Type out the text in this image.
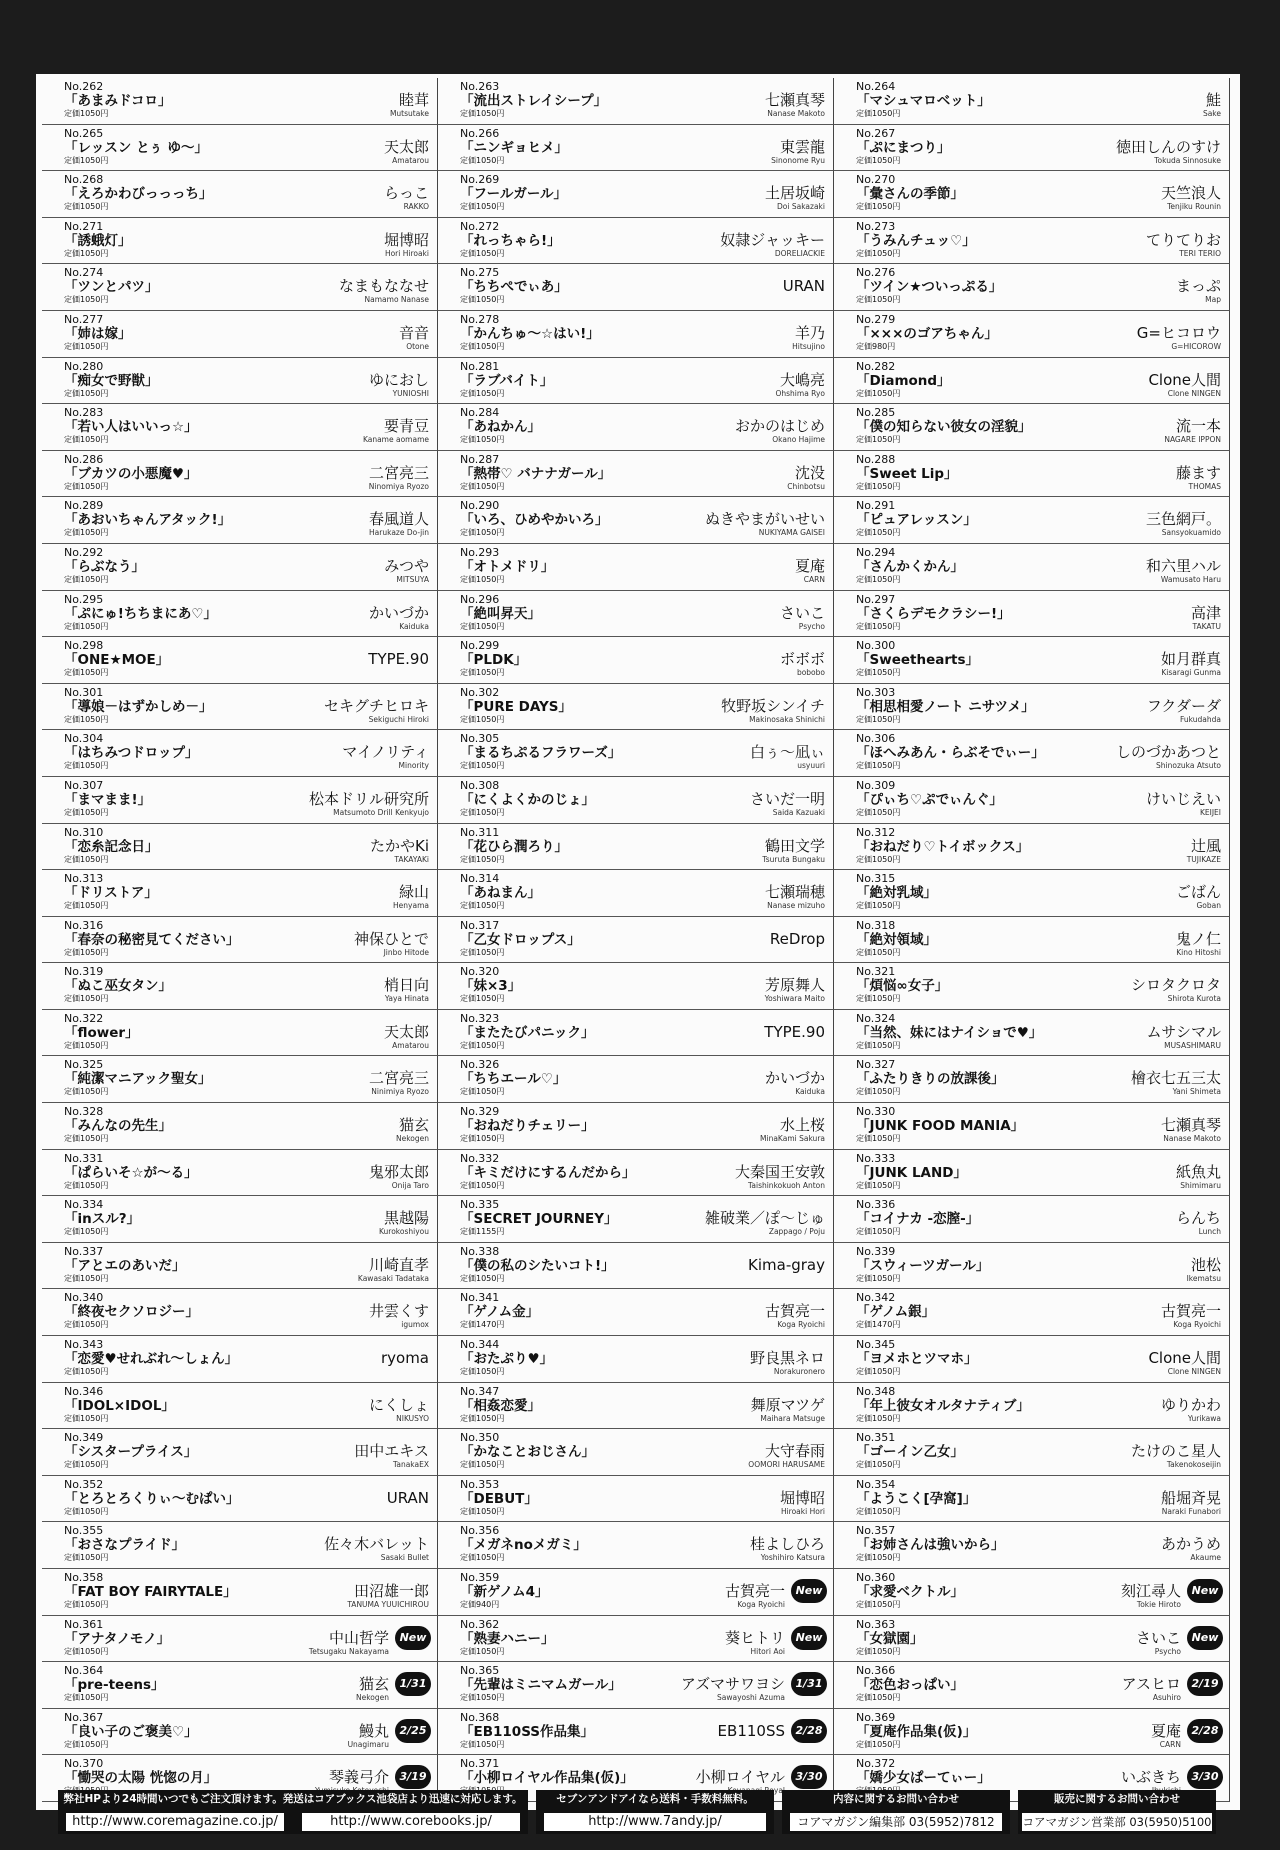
No.262
「あまみドコロ」
定価1050円
睦茸
Mutsutake
No.263
「流出ストレイシープ」
定価1050円
七瀬真琴
Nanase Makoto
No.264
「マシュマロベット」
定価1050円
鮭
Sake
No.265
「レッスン とぅ ゆ～」
定価1050円
天太郎
Amatarou
No.266
「ニンギョヒメ」
定価1050円
東雲龍
Sinonome Ryu
No.267
「ぷにまつり」
定価1050円
徳田しんのすけ
Tokuda Sinnosuke
No.268
「えろかわびっっっち」
定価1050円
らっこ
RAKKO
No.269
「フールガール」
定価1050円
土居坂崎
Doi Sakazaki
No.270
「彙さんの季節」
定価1050円
天竺浪人
Tenjiku Rounin
No.271
「誘蛾灯」
定価1050円
堀博昭
Hori Hiroaki
No.272
「れっちゃら!」
定価1050円
奴隷ジャッキー
DORELIACKIE
No.273
「うみんチュッ♡」
定価1050円
てりてりお
TERI TERIO
No.274
「ツンとパツ」
定価1050円
なまもななせ
Namamo Nanase
No.275
「ちちぺでぃあ」
定価1050円
URAN
No.276
「ツイン★ついっぷる」
定価1050円
まっぷ
Map
No.277
「姉は嫁」
定価1050円
音音
Otone
No.278
「かんちゅ～☆はい!」
定価1050円
羊乃
Hitsujino
No.279
「×××のゴアちゃん」
定価980円
G=ヒコロウ
G=HICOROW
No.280
「痴女で野獣」
定価1050円
ゆにおし
YUNIOSHI
No.281
「ラブバイト」
定価1050円
大嶋亮
Ohshima Ryo
No.282
「Diamond」
定価1050円
Clone人間
Clone NINGEN
No.283
「若い人はいいっ☆」
定価1050円
要青豆
Kaname aomame
No.284
「あねかん」
定価1050円
おかのはじめ
Okano Hajime
No.285
「僕の知らない彼女の淫貌」
定価1050円
流一本
NAGARE IPPON
No.286
「ブカツの小悪魔♥」
定価1050円
二宮亮三
Ninomiya Ryozo
No.287
「熱帯♡ バナナガール」
定価1050円
沈没
Chinbotsu
No.288
「Sweet Lip」
定価1050円
藤ます
THOMAS
No.289
「あおいちゃんアタック!」
定価1050円
春風道人
Harukaze Do-jin
No.290
「いろ、ひめやかいろ」
定価1050円
ぬきやまがいせい
NUKIYAMA GAISEI
No.291
「ピュアレッスン」
定価1050円
三色網戸。
Sansyokuamido
No.292
「らぶなう」
定価1050円
みつや
MITSUYA
No.293
「オトメドリ」
定価1050円
夏庵
CARN
No.294
「さんかくかん」
定価1050円
和六里ハル
Wamusato Haru
No.295
「ぷにゅ!ちちまにあ♡」
定価1050円
かいづか
Kaiduka
No.296
「絶叫昇天」
定価1050円
さいこ
Psycho
No.297
「さくらデモクラシー!」
定価1050円
高津
TAKATU
No.298
「ONE★MOE」
定価1050円
TYPE.90
No.299
「PLDK」
定価1050円
ボボボ
bobobo
No.300
「Sweethearts」
定価1050円
如月群真
Kisaragi Gunma
No.301
「導娘－はずかしめ－」
定価1050円
セキグチヒロキ
Sekiguchi Hiroki
No.302
「PURE DAYS」
定価1050円
牧野坂シンイチ
Makinosaka Shinichi
No.303
「相思相愛ノート ニサツメ」
定価1050円
フクダーダ
Fukudahda
No.304
「はちみつドロップ」
定価1050円
マイノリティ
Minority
No.305
「まるちぷるフラワーズ」
定価1050円
白ぅ～凪ぃ
usyuuri
No.306
「ほへみあん・らぶそでぃー」
定価1050円
しのづかあつと
Shinozuka Atsuto
No.307
「まマまま!」
定価1050円
松本ドリル研究所
Matsumoto Drill Kenkyujo
No.308
「にくよくかのじょ」
定価1050円
さいだ一明
Saida Kazuaki
No.309
「ぴぃち♡ぷでぃんぐ」
定価1050円
けいじえい
KEIJEI
No.310
「恋糸記念日」
定価1050円
たかやKi
TAKAYAKi
No.311
「花ひら潤ろり」
定価1050円
鶴田文学
Tsuruta Bungaku
No.312
「おねだり♡トイボックス」
定価1050円
辻風
TUJIKAZE
No.313
「ドリストア」
定価1050円
緑山
Henyama
No.314
「あねまん」
定価1050円
七瀬瑞穂
Nanase mizuho
No.315
「絶対乳域」
定価1050円
ごばん
Goban
No.316
「春奈の秘密見てください」
定価1050円
神保ひとで
Jinbo Hitode
No.317
「乙女ドロップス」
定価1050円
ReDrop
No.318
「絶対領域」
定価1050円
鬼ノ仁
Kino Hitoshi
No.319
「ぬこ巫女タン」
定価1050円
梢日向
Yaya Hinata
No.320
「妹×3」
定価1050円
芳原舞人
Yoshiwara Maito
No.321
「煩悩∞女子」
定価1050円
シロタクロタ
Shirota Kurota
No.322
「flower」
定価1050円
天太郎
Amatarou
No.323
「またたびパニック」
定価1050円
TYPE.90
No.324
「当然、妹にはナイショで♥」
定価1050円
ムサシマル
MUSASHIMARU
No.325
「純潔マニアック聖女」
定価1050円
二宮亮三
Ninimiya Ryozo
No.326
「ちちエール♡」
定価1050円
かいづか
Kaiduka
No.327
「ふたりきりの放課後」
定価1050円
檜衣七五三太
Yani Shimeta
No.328
「みんなの先生」
定価1050円
猫玄
Nekogen
No.329
「おねだりチェリー」
定価1050円
水上桜
MinaKami Sakura
No.330
「JUNK FOOD MANIA」
定価1050円
七瀬真琴
Nanase Makoto
No.331
「ぱらいそ☆が～る」
定価1050円
鬼邪太郎
Onija Taro
No.332
「キミだけにするんだから」
定価1050円
大秦国王安敦
Taishinkokuoh Anton
No.333
「JUNK LAND」
定価1050円
紙魚丸
Shimimaru
No.334
「inスル?」
定価1050円
黒越陽
Kurokoshiyou
No.335
「SECRET JOURNEY」
定価1155円
雑破業／ぽ～じゅ
Zappago / Poju
No.336
「コイナカ -恋膣-」
定価1050円
らんち
Lunch
No.337
「アとエのあいだ」
定価1050円
川崎直孝
Kawasaki Tadataka
No.338
「僕の私のシたいコト!」
定価1050円
Kima-gray
No.339
「スウィーツガール」
定価1050円
池松
Ikematsu
No.340
「終夜セクソロジー」
定価1050円
井雲くす
igumox
No.341
「ゲノム金」
定価1470円
古賀亮一
Koga Ryoichi
No.342
「ゲノム銀」
定価1470円
古賀亮一
Koga Ryoichi
No.343
「恋愛♥せれぶれ～しょん」
定価1050円
ryoma
No.344
「おたぷり♥」
定価1050円
野良黒ネロ
Norakuronero
No.345
「ヨメホとツマホ」
定価1050円
Clone人間
Clone NINGEN
No.346
「IDOL×IDOL」
定価1050円
にくしょ
NIKUSYO
No.347
「相姦恋愛」
定価1050円
舞原マツゲ
Maihara Matsuge
No.348
「年上彼女オルタナティブ」
定価1050円
ゆりかわ
Yurikawa
No.349
「シスタープライス」
定価1050円
田中エキス
TanakaEX
No.350
「かなことおじさん」
定価1050円
大守春雨
OOMORI HARUSAME
No.351
「ゴーイン乙女」
定価1050円
たけのこ星人
Takenokoseijin
No.352
「とろとろくりぃ～むぱい」
定価1050円
URAN
No.353
「DEBUT」
定価1050円
堀博昭
Hiroaki Hori
No.354
「ようこく[孕窩]」
定価1050円
船堀斉晃
Naraki Funabori
No.355
「おさなプライド」
定価1050円
佐々木バレット
Sasaki Bullet
No.356
「メガネnoメガミ」
定価1050円
桂よしひろ
Yoshihiro Katsura
No.357
「お姉さんは強いから」
定価1050円
あかうめ
Akaume
No.358
「FAT BOY FAIRYTALE」
定価1050円
田沼雄一郎
TANUMA YUUICHIROU
No.359
「新ゲノム4」
定価940円
古賀亮一
Koga Ryoichi
New
No.360
「求愛ベクトル」
定価1050円
刻江尋人
Tokie Hiroto
New
No.361
「アナタノモノ」
定価1050円
中山哲学
Tetsugaku Nakayama
New
No.362
「熟妻ハニー」
定価1050円
葵ヒトリ
Hitori Aoi
New
No.363
「女獄園」
定価1050円
さいこ
Psycho
New
No.364
「pre-teens」
定価1050円
猫玄
Nekogen
1/31
No.365
「先輩はミニマムガール」
定価1050円
アズマサワヨシ
Sawayoshi Azuma
1/31
No.366
「恋色おっぱい」
定価1050円
アスヒロ
Asuhiro
2/19
No.367
「良い子のご褒美♡」
定価1050円
鰻丸
Unagimaru
2/25
No.368
「EB110SS作品集」
定価1050円
EB110SS 2/28
No.369
「夏庵作品集(仮)」
定価1050円
夏庵
CARN
2/28
No.370
「慟哭の太陽 恍惚の月」	琴義弓介 3/19
No.371
「小柳ロイヤル作品集(仮)」	小柳ロイヤル
Royal
3/30
No.372
「嬌少女ぱーてぃー」	いぶきち 3/30
弊社HPより24時間いつでもご注文頂けます。発送はコアブックス池袋店より迅速に対応します。
http://www.coremagazine.co.jp/	http://www.corebooks.jp/
セブンアンドアイなら送料・手数料無料。
http://www.7andy.jp/
内容に関するお問い合わせ
コアマガジン編集部 03(5952)7812
販売に関するお問い合わせ
コアマガジン営業部 03(5950)5100
